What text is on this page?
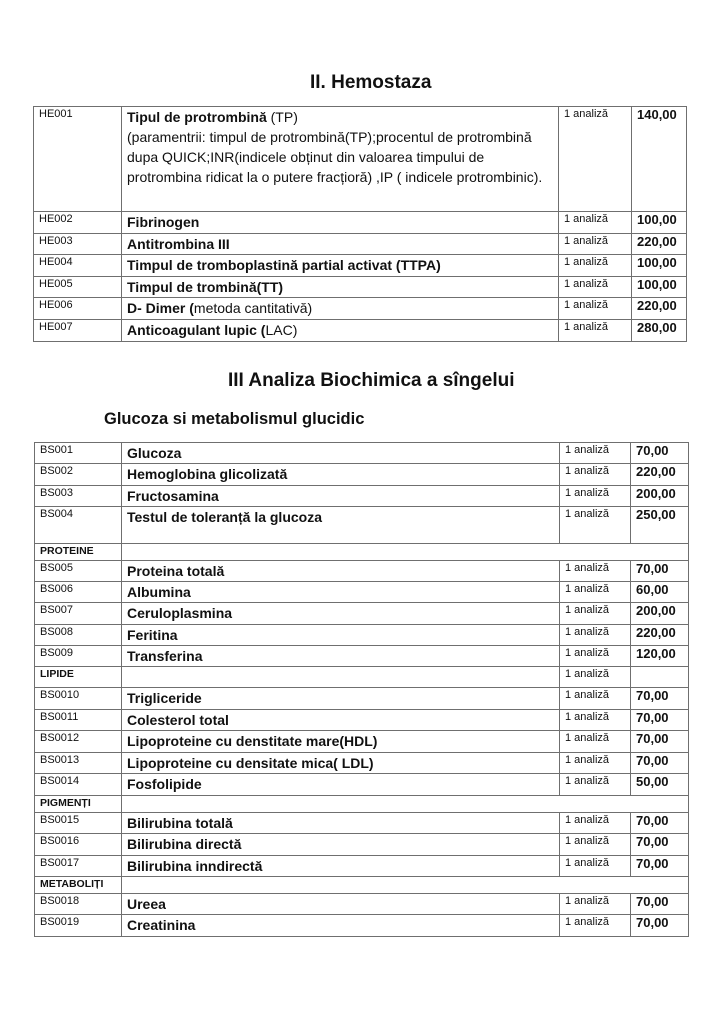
II. Hemostaza
HE001	Tipul de protrombină (TP)
(paramentrii: timpul de protrombină(TP);procentul de protrombină dupa QUICK;INR(indicele obținut din valoarea timpului de protrombina ridicat la o putere fracțioră) ,IP ( indicele protrombinic).	1 analiză	140,00
HE002	Fibrinogen	1 analiză	100,00
HE003	Antitrombina III	1 analiză	220,00
HE004	Timpul de tromboplastină partial activat (TTPA)	1 analiză	100,00
HE005	Timpul de trombină(TT)	1 analiză	100,00
HE006	D- Dimer (metoda cantitativă)	1 analiză	220,00
HE007	Anticoagulant lupic (LAC)	1 analiză	280,00
III Analiza Biochimica a sîngelui
Glucoza si metabolismul glucidic
BS001	Glucoza	1 analiză	70,00
BS002	Hemoglobina glicolizată	1 analiză	220,00
BS003	Fructosamina	1 analiză	200,00
BS004	Testul de toleranță la glucoza	1 analiză	250,00
PROTEINE			
BS005	Proteina totală	1 analiză	70,00
BS006	Albumina	1 analiză	60,00
BS007	Ceruloplasmina	1 analiză	200,00
BS008	Feritina	1 analiză	220,00
BS009	Transferina	1 analiză	120,00
LIPIDE		1 analiză	
BS0010	Trigliceride	1 analiză	70,00
BS0011	Colesterol total	1 analiză	70,00
BS0012	Lipoproteine cu denstitate mare(HDL)	1 analiză	70,00
BS0013	Lipoproteine cu densitate mica( LDL)	1 analiză	70,00
BS0014	Fosfolipide	1 analiză	50,00
PIGMENȚI			
BS0015	Bilirubina totală	1 analiză	70,00
BS0016	Bilirubina directă	1 analiză	70,00
BS0017	Bilirubina inndirectă	1 analiză	70,00
METABOLIȚI			
BS0018	Ureea	1 analiză	70,00
BS0019	Creatinina	1 analiză	70,00
